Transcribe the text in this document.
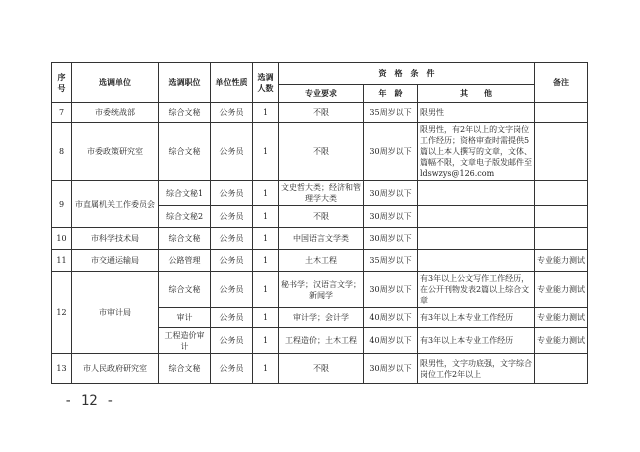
序号	选调单位	选调职位	单位性质	选调人数	资　格　条　件			备注
					专业要求	年　龄	其　　他	
7	市委统战部	综合文秘	公务员	1	不限	35周岁以下	限男性	
8	市委政策研究室	综合文秘	公务员	1	不限	30周岁以下	限男性，有2年以上的文字岗位工作经历；资格审查时需提供5篇以上本人撰写的文章，文体、篇幅不限，文章电子版发邮件至 ldswzys@126.com	
9	市直属机关工作委员会	综合文秘1	公务员	1	文史哲大类；经济和管理学大类	30周岁以下		
		综合文秘2	公务员	1	不限	30周岁以下		
10	市科学技术局	综合文秘	公务员	1	中国语言文学类	30周岁以下		
11	市交通运输局	公路管理	公务员	1	土木工程	35周岁以下		专业能力测试
12	市审计局	综合文秘	公务员	1	秘书学；汉语言文学；新闻学	30周岁以下	有3年以上公文写作工作经历，在公开刊物发表2篇以上综合文章	专业能力测试
		审计	公务员	1	审计学；会计学	40周岁以下	有3年以上本专业工作经历	专业能力测试
		工程造价审计	公务员	1	工程造价；土木工程	40周岁以下	有3年以上本专业工作经历	专业能力测试
13	市人民政府研究室	综合文秘	公务员	1	不限	30周岁以下	限男性，文字功底强，文字综合岗位工作2年以上	
- 12 -
